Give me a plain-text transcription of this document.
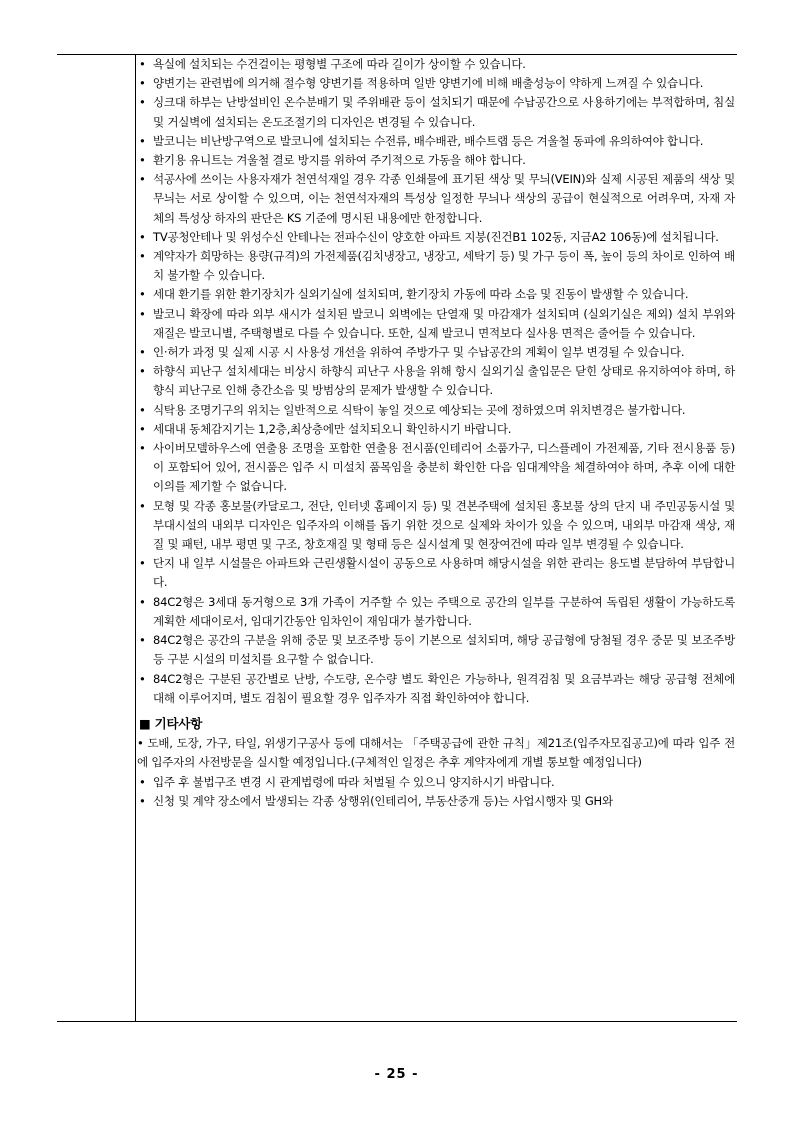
• 욕실에 설치되는 수건걸이는 평형별 구조에 따라 길이가 상이할 수 있습니다.
• 양변기는 관련법에 의거해 절수형 양변기를 적용하며 일반 양변기에 비해 배출성능이 약하게 느껴질 수 있습니다.
• 싱크대 하부는 난방설비인 온수분배기 및 주위배관 등이 설치되기 때문에 수납공간으로 사용하기에는 부적합하며, 침실 및 거실벽에 설치되는 온도조절기의 디자인은 변경될 수 있습니다.
• 발코니는 비난방구역으로 발코니에 설치되는 수전류, 배수배관, 배수트랩 등은 겨울철 동파에 유의하여야 합니다.
• 환기용 유니트는 겨울철 결로 방지를 위하여 주기적으로 가동을 해야 합니다.
• 석공사에 쓰이는 사용자재가 천연석재일 경우 각종 인쇄물에 표기된 색상 및 무늬(VEIN)와 실제 시공된 제품의 색상 및 무늬는 서로 상이할 수 있으며, 이는 천연석자재의 특성상 일정한 무늬나 색상의 공급이 현실적으로 어려우며, 자재 자체의 특성상 하자의 판단은 KS 기준에 명시된 내용에만 한정합니다.
• TV공청안테나 및 위성수신 안테나는 전파수신이 양호한 아파트 지붕(진건B1 102동, 지금A2 106동)에 설치됩니다.
• 계약자가 희망하는 용량(규격)의 가전제품(김치냉장고, 냉장고, 세탁기 등) 및 가구 등이 폭, 높이 등의 차이로 인하여 배치 불가할 수 있습니다.
• 세대 환기를 위한 환기장치가 실외기실에 설치되며, 환기장치 가동에 따라 소음 및 진동이 발생할 수 있습니다.
• 발코니 확장에 따라 외부 새시가 설치된 발코니 외벽에는 단열재 및 마감재가 설치되며 (실외기실은 제외) 설치 부위와 재질은 발코니별, 주택형별로 다를 수 있습니다. 또한, 실제 발코니 면적보다 실사용 면적은 줄어들 수 있습니다.
• 인·허가 과정 및 실제 시공 시 사용성 개선을 위하여 주방가구 및 수납공간의 계획이 일부 변경될 수 있습니다.
• 하향식 피난구 설치세대는 비상시 하향식 피난구 사용을 위해 항시 실외기실 출입문은 닫힌 상태로 유지하여야 하며, 하향식 피난구로 인해 층간소음 및 방범상의 문제가 발생할 수 있습니다.
• 식탁용 조명기구의 위치는 일반적으로 식탁이 놓일 것으로 예상되는 곳에 정하였으며 위치변경은 불가합니다.
• 세대내 동체감지기는 1,2층,최상층에만 설치되오니 확인하시기 바랍니다.
• 사이버모델하우스에 연출용 조명을 포함한 연출용 전시품(인테리어 소품가구, 디스플레이 가전제품, 기타 전시용품 등)이 포함되어 있어, 전시품은 입주 시 미설치 품목임을 충분히 확인한 다음 임대계약을 체결하여야 하며, 추후 이에 대한 이의를 제기할 수 없습니다.
• 모형 및 각종 홍보물(카달로그, 전단, 인터넷 홈페이지 등) 및 견본주택에 설치된 홍보물 상의 단지 내 주민공동시설 및 부대시설의 내외부 디자인은 입주자의 이해를 돕기 위한 것으로 실제와 차이가 있을 수 있으며, 내외부 마감재 색상, 재질 및 패턴, 내부 평면 및 구조, 창호재질 및 형태 등은 실시설계 및 현장여건에 따라 일부 변경될 수 있습니다.
• 단지 내 일부 시설물은 아파트와 근린생활시설이 공동으로 사용하며 해당시설을 위한 관리는 용도별 분담하여 부담합니다.
• 84C2형은 3세대 동거형으로 3개 가족이 거주할 수 있는 주택으로 공간의 일부를 구분하여 독립된 생활이 가능하도록 계획한 세대이로서, 임대기간동안 임차인이 재임대가 불가합니다.
• 84C2형은 공간의 구분을 위해 중문 및 보조주방 등이 기본으로 설치되며, 해당 공급형에 당첨될 경우 중문 및 보조주방 등 구분 시설의 미설치를 요구할 수 없습니다.
• 84C2형은 구분된 공간별로 난방, 수도량, 온수량 별도 확인은 가능하나, 원격검침 및 요금부과는 해당 공급형 전체에 대해 이루어지며, 별도 검침이 필요할 경우 입주자가 직접 확인하여야 합니다.
■ 기타사항
• 도배, 도장, 가구, 타일, 위생기구공사 등에 대해서는 「주택공급에 관한 규칙」제21조(입주자모집공고)에 따라 입주 전에 입주자의 사전방문을 실시할 예정입니다.(구체적인 일정은 추후 계약자에게 개별 통보할 예정입니다)
• 입주 후 불법구조 변경 시 관계법령에 따라 처벌될 수 있으니 양지하시기 바랍니다.
• 신청 및 계약 장소에서 발생되는 각종 상행위(인테리어, 부동산중개 등)는 사업시행자 및 GH와
- 25 -
